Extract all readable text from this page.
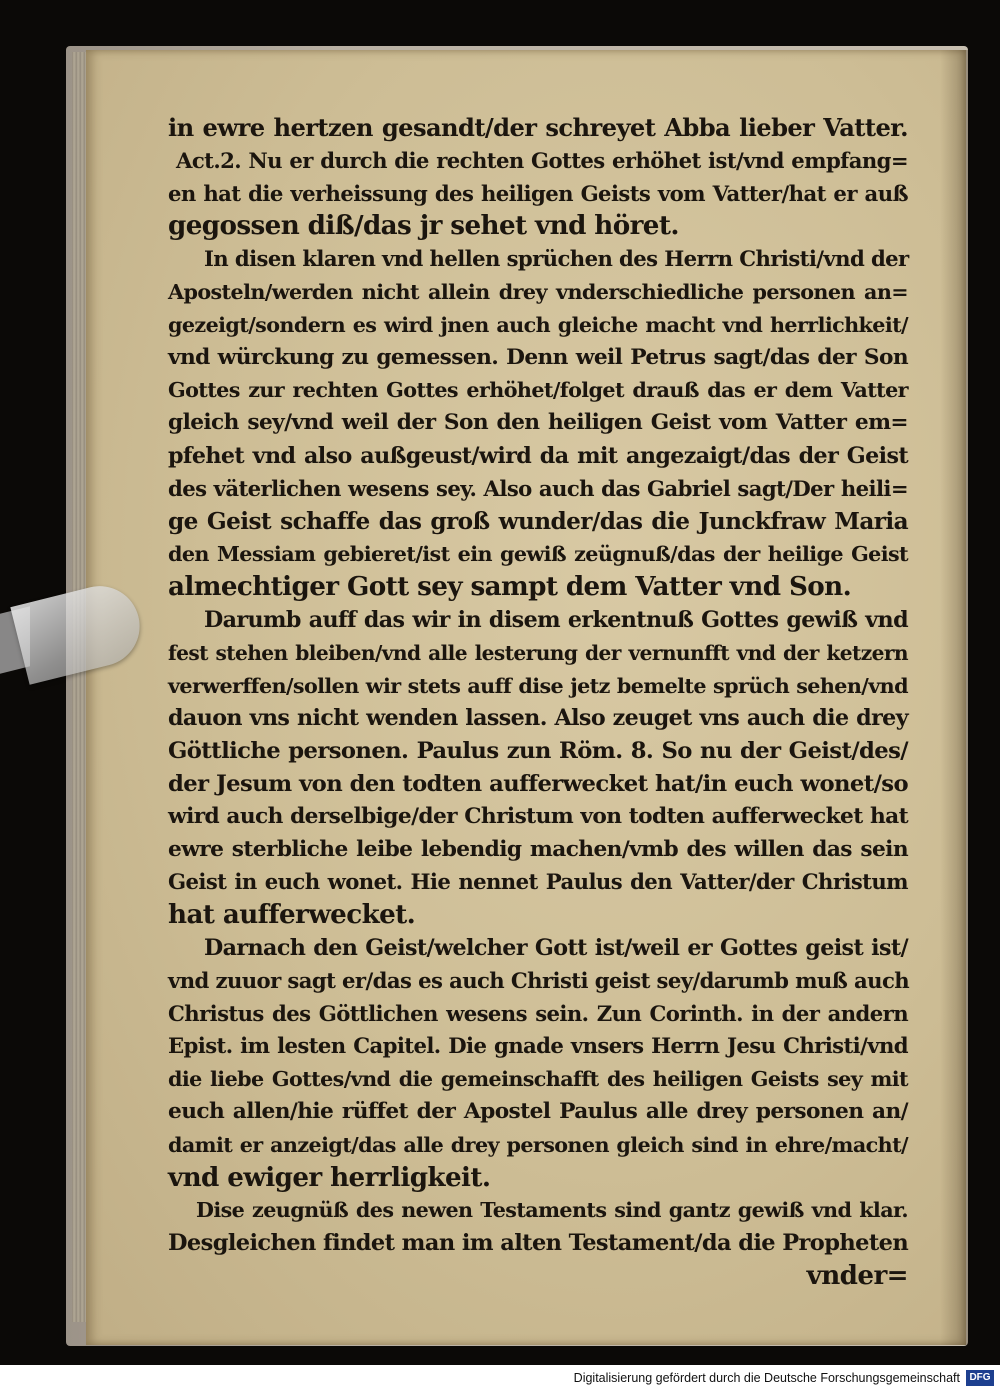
in ewre hertzen gesandt/der schreyet Abba lieber Vatter.
Act.2. Nu er durch die rechten Gottes erhöhet ist/vnd empfang=
en hat die verheissung des heiligen Geists vom Vatter/hat er auß
gegossen diß/das jr sehet vnd höret.
In disen klaren vnd hellen sprüchen des Herrn Christi/vnd der
Aposteln/werden nicht allein drey vnderschiedliche personen an=
gezeigt/sondern es wird jnen auch gleiche macht vnd herrlichkeit/
vnd würckung zu gemessen. Denn weil Petrus sagt/das der Son
Gottes zur rechten Gottes erhöhet/folget drauß das er dem Vatter
gleich sey/vnd weil der Son den heiligen Geist vom Vatter em=
pfehet vnd also außgeust/wird da mit angezaigt/das der Geist
des väterlichen wesens sey. Also auch das Gabriel sagt/Der heili=
ge Geist schaffe das groß wunder/das die Junckfraw Maria
den Messiam gebieret/ist ein gewiß zeügnuß/das der heilige Geist
almechtiger Gott sey sampt dem Vatter vnd Son.
Darumb auff das wir in disem erkentnuß Gottes gewiß vnd
fest stehen bleiben/vnd alle lesterung der vernunfft vnd der ketzern
verwerffen/sollen wir stets auff dise jetz bemelte sprüch sehen/vnd
dauon vns nicht wenden lassen. Also zeuget vns auch die drey
Göttliche personen. Paulus zun Röm. 8. So nu der Geist/des/
der Jesum von den todten aufferwecket hat/in euch wonet/so
wird auch derselbige/der Christum von todten aufferwecket hat
ewre sterbliche leibe lebendig machen/vmb des willen das sein
Geist in euch wonet. Hie nennet Paulus den Vatter/der Christum
hat aufferwecket.
Darnach den Geist/welcher Gott ist/weil er Gottes geist ist/
vnd zuuor sagt er/das es auch Christi geist sey/darumb muß auch
Christus des Göttlichen wesens sein. Zun Corinth. in der andern
Epist. im lesten Capitel. Die gnade vnsers Herrn Jesu Christi/vnd
die liebe Gottes/vnd die gemeinschafft des heiligen Geists sey mit
euch allen/hie rüffet der Apostel Paulus alle drey personen an/
damit er anzeigt/das alle drey personen gleich sind in ehre/macht/
vnd ewiger herrligkeit.
Dise zeugnüß des newen Testaments sind gantz gewiß vnd klar.
Desgleichen findet man im alten Testament/da die Propheten
vnder=
Digitalisierung gefördert durch die Deutsche Forschungsgemeinschaft DFG
